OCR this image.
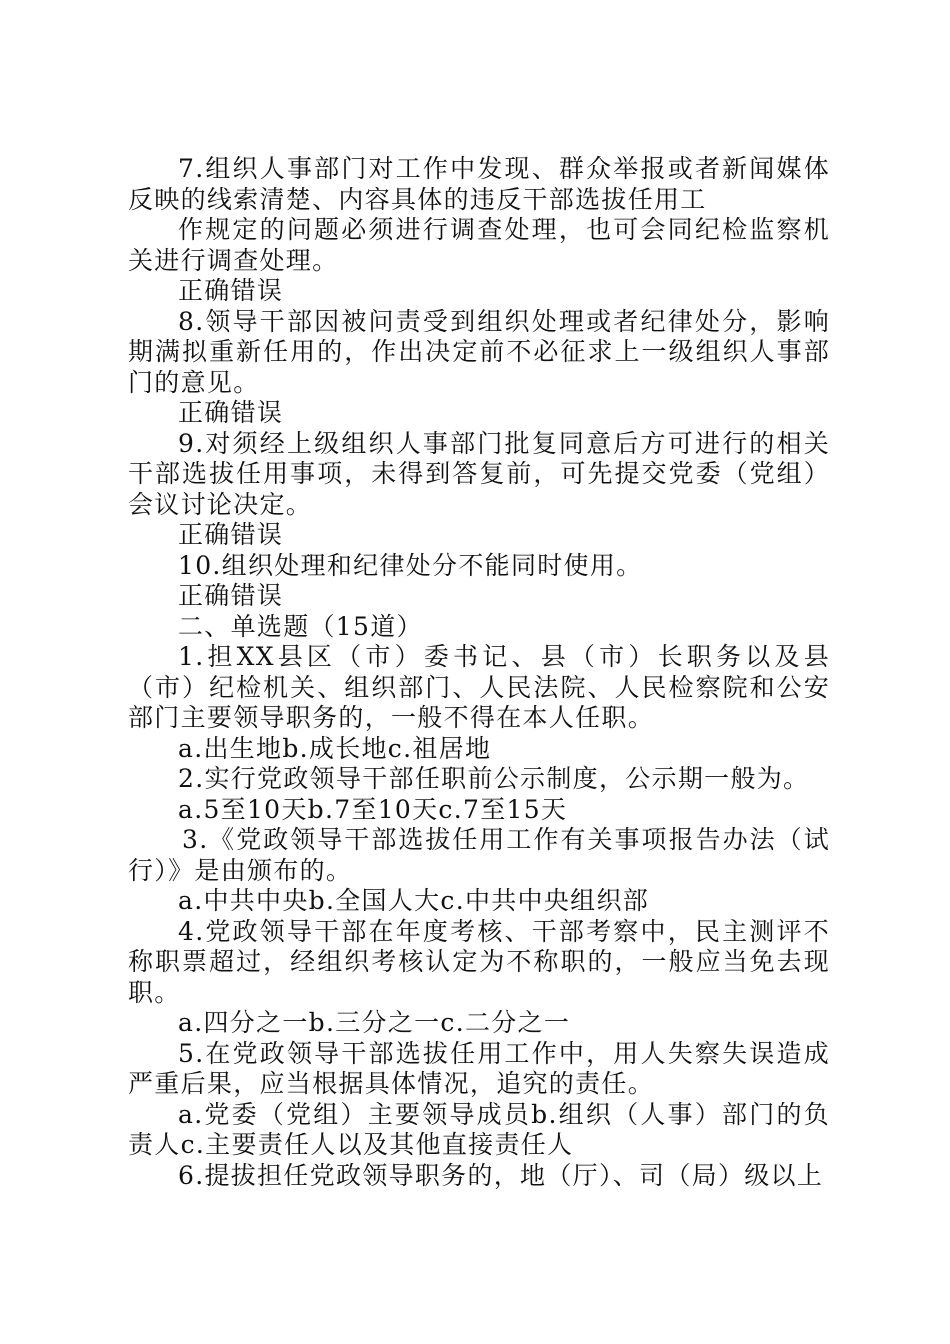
7.组织人事部门对工作中发现、群众举报或者新闻媒体反映的线索清楚、内容具体的违反干部选拔任用工

作规定的问题必须进行调查处理，也可会同纪检监察机关进行调查处理。

正确错误

8.领导干部因被问责受到组织处理或者纪律处分，影响期满拟重新任用的，作出决定前不必征求上一级组织人事部门的意见。

正确错误

9.对须经上级组织人事部门批复同意后方可进行的相关干部选拔任用事项，未得到答复前，可先提交党委（党组）会议讨论决定。

正确错误

10.组织处理和纪律处分不能同时使用。

正确错误

二、单选题（15道）

1.担XX县区（市）委书记、县（市）长职务以及县（市）纪检机关、组织部门、人民法院、人民检察院和公安部门主要领导职务的，一般不得在本人任职。

a.出生地b.成长地c.祖居地

2.实行党政领导干部任职前公示制度，公示期一般为。

a.5至10天b.7至10天c.7至15天

3.《党政领导干部选拔任用工作有关事项报告办法（试行）》是由颁布的。

a.中共中央b.全国人大c.中共中央组织部

4.党政领导干部在年度考核、干部考察中，民主测评不称职票超过，经组织考核认定为不称职的，一般应当免去现职。

a.四分之一b.三分之一c.二分之一

5.在党政领导干部选拔任用工作中，用人失察失误造成严重后果，应当根据具体情况，追究的责任。

a.党委（党组）主要领导成员b.组织（人事）部门的负责人c.主要责任人以及其他直接责任人

6.提拔担任党政领导职务的，地（厅）、司（局）级以上
